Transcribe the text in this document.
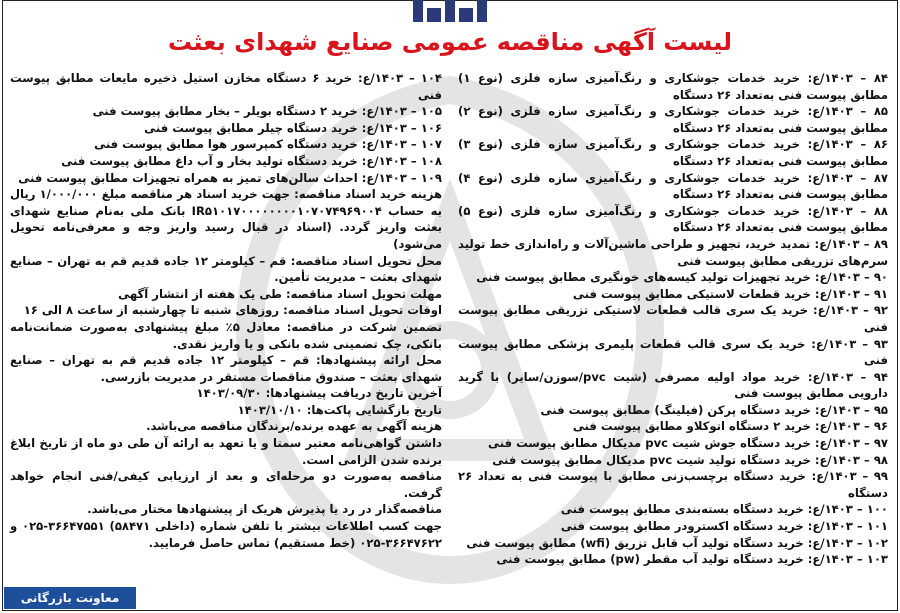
لیست آگهی مناقصه عمومی صنایع شهدای بعثت

۸۴ – ۱۴۰۳/ع: خرید خدمات جوشکاری و رنگ‌آمیزی سازه فلزی (نوع ۱) مطابق پیوست فنی به‌تعداد ۲۶ دستگاه

۸۵ – ۱۴۰۳/ع: خرید خدمات جوشکاری و رنگ‌آمیزی سازه فلزی (نوع ۲) مطابق پیوست فنی به‌تعداد ۲۶ دستگاه

۸۶ – ۱۴۰۳/ع: خرید خدمات جوشکاری و رنگ‌آمیزی سازه فلزی (نوع ۳) مطابق پیوست فنی به‌تعداد ۲۶ دستگاه

۸۷ – ۱۴۰۳/ع: خرید خدمات جوشکاری و رنگ‌آمیزی سازه فلزی (نوع ۴) مطابق پیوست فنی به‌تعداد ۲۶ دستگاه

۸۸ – ۱۴۰۳/ع: خرید خدمات جوشکاری و رنگ‌آمیزی سازه فلزی (نوع ۵) مطابق پیوست فنی به‌تعداد ۲۶ دستگاه

۸۹ – ۱۴۰۳/ع: تمدید خرید، تجهیز و طراحی ماشین‌آلات و راه‌اندازی خط تولید سرم‌های تزریقی مطابق پیوست فنی

۹۰ – ۱۴۰۳/ع: خرید تجهیزات تولید کیسه‌های خونگیری مطابق پیوست فنی

۹۱ – ۱۴۰۳/ع: خرید قطعات لاستیکی مطابق پیوست فنی

۹۲ – ۱۴۰۳/ع: خرید یک سری قالب قطعات لاستیکی تزریقی مطابق پیوست فنی

۹۳ – ۱۴۰۳/ع: خرید یک سری قالب قطعات پلیمری پزشکی مطابق پیوست فنی

۹۴ – ۱۴۰۳/ع: خرید مواد اولیه مصرفی (شیت pvc/سوزن/سایر) با گرید دارویی مطابق پیوست فنی

۹۵ – ۱۴۰۳/ع: خرید دستگاه پرکن (فیلینگ) مطابق پیوست فنی

۹۶ – ۱۴۰۳/ع: خرید ۲ دستگاه اتوکلاو مطابق پیوست فنی

۹۷ – ۱۴۰۳/ع: خرید دستگاه جوش شیت pvc مدیکال مطابق پیوست فنی

۹۸ – ۱۴۰۳/ع: خرید دستگاه تولید شیت pvc مدیکال مطابق پیوست فنی

۹۹ – ۱۴۰۳/ع: خرید دستگاه برچسب‌زنی مطابق با پیوست فنی به تعداد ۲۶ دستگاه

۱۰۰ – ۱۴۰۳/ع: خرید دستگاه بسته‌بندی مطابق پیوست فنی

۱۰۱ – ۱۴۰۳/ع: خرید دستگاه اکسترودر مطابق پیوست فنی

۱۰۲ – ۱۴۰۳/ع: خرید دستگاه تولید آب قابل تزریق (wfi) مطابق پیوست فنی

۱۰۳ – ۱۴۰۳/ع: خرید دستگاه تولید آب مقطر (pw) مطابق پیوست فنی

۱۰۴ – ۱۴۰۳/ع: خرید ۶ دستگاه مخازن استیل ذخیره مایعات مطابق پیوست فنی

۱۰۵ – ۱۴۰۳/ع: خرید ۲ دستگاه بویلر – بخار مطابق پیوست فنی

۱۰۶ – ۱۴۰۳/ع: خرید دستگاه چیلر مطابق پیوست فنی

۱۰۷ – ۱۴۰۳/ع: خرید دستگاه کمپرسور هوا مطابق پیوست فنی

۱۰۸ – ۱۴۰۳/ع: خرید دستگاه تولید بخار و آب داغ مطابق پیوست فنی

۱۰۹ – ۱۴۰۳/ع: احداث سالن‌های تمیز به همراه تجهیزات مطابق پیوست فنی

هزینه خرید اسناد مناقصه: جهت خرید اسناد هر مناقصه مبلغ ۱/۰۰۰/۰۰۰ ریال به حساب IR۵۱۰۱۷۰۰۰۰۰۰۰۰۱۰۷۰۷۴۹۶۹۰۰۴ بانک ملی به‌نام صنایع شهدای بعثت واریز گردد. (اسناد در قبال رسید واریز وجه و معرفی‌نامه تحویل می‌شود)

محل تحویل اسناد مناقصه: قم – کیلومتر ۱۲ جاده قدیم قم به تهران – صنایع شهدای بعثت – مدیریت تأمین.

مهلت تحویل اسناد مناقصه: طی یک هفته از انتشار آگهی

اوقات تحویل اسناد مناقصه: روزهای شنبه تا چهارشنبه از ساعت ۸ الی ۱۶

تضمین شرکت در مناقصه: معادل ۵٪ مبلغ پیشنهادی به‌صورت ضمانت‌نامه بانکی، چک تضمینی شده بانکی و یا واریز نقدی.

محل ارائه پیشنهادها: قم – کیلومتر ۱۲ جاده قدیم قم به تهران – صنایع شهدای بعثت – صندوق مناقصات مستقر در مدیریت بازرسی.

آخرین تاریخ دریافت پیشنهادها: ۱۴۰۳/۰۹/۳۰

تاریخ بازگشایی پاکت‌ها: ۱۴۰۳/۱۰/۱۰

هزینه آگهی به عهده برنده/برندگان مناقصه می‌باشد.

داشتن گواهی‌نامه معتبر سمتا و یا تعهد به ارائه آن طی دو ماه از تاریخ ابلاغ برنده شدن الزامی است.

مناقصه به‌صورت دو مرحله‌ای و بعد از ارزیابی کیفی/فنی انجام خواهد گرفت.

مناقصه‌گذار در رد یا پذیرش هریک از پیشنهادها مختار می‌باشد.

جهت کسب اطلاعات بیشتر با تلفن شماره (داخلی ۵۸۴۷۱) ۳۶۶۴۷۵۵۱-۰۲۵ و ۳۶۶۴۷۶۲۲-۰۲۵ (خط مستقیم) تماس حاصل فرمایید.

معاونت بازرگانی
